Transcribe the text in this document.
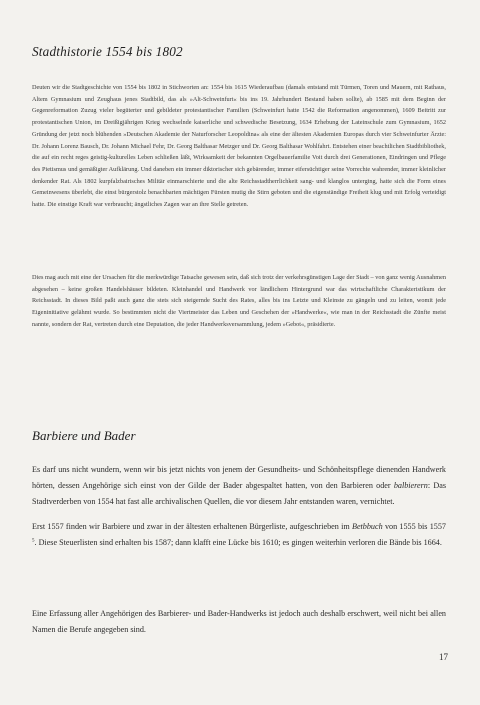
Stadthistorie 1554 bis 1802
Deuten wir die Stadtgeschichte von 1554 bis 1802 in Stichworten an: 1554 bis 1615 Wiederaufbau (damals entstand mit Türmen, Toren und Mauern, mit Rathaus, Altem Gymnasium und Zeughaus jenes Stadtbild, das als »Alt-Schweinfurt« bis ins 19. Jahrhundert Bestand haben sollte), ab 1585 mit dem Beginn der Gegenreformation Zuzug vieler begüterter und gebildeter protestantischer Familien (Schweinfurt hatte 1542 die Reformation angenommen), 1609 Beitritt zur protestantischen Union, im Dreißigjährigen Krieg wechselnde kaiserliche und schwedische Besetzung, 1634 Erhebung der Lateinschule zum Gymnasium, 1652 Gründung der jetzt noch blühenden »Deutschen Akademie der Naturforscher Leopoldina« als eine der ältesten Akademien Europas durch vier Schweinfurter Ärzte: Dr. Johann Lorenz Bausch, Dr. Johann Michael Fehr, Dr. Georg Balthasar Metzger und Dr. Georg Balthasar Wohlfahrt. Entstehen einer beachtlichen Stadtbibliothek, die auf ein recht reges geistig-kulturelles Leben schließen läßt, Wirksamkeit der bekannten Orgelbauerfamilie Voit durch drei Generationen, Eindringen und Pflege des Pietismus und gemäßigter Aufklärung. Und daneben ein immer diktorischer sich gebärender, immer eifersüchtiger seine Vorrechte wahrender, immer kleinlicher denkender Rat. Als 1802 kurpfalzbairisches Militär einmarschierte und die alte Reichsstadtherrlichkeit sang- und klanglos unterging, hatte sich die Form eines Gemeinwesens überlebt, die einst bürgerstolz benachbarten mächtigen Fürsten mutig die Stirn geboten und die eigenständige Freiheit klug und mit Erfolg verteidigt hatte. Die einstige Kraft war verbraucht; ängstliches Zagen war an ihre Stelle getreten.
Dies mag auch mit eine der Ursachen für die merkwürdige Tatsache gewesen sein, daß sich trotz der verkehrsgünstigen Lage der Stadt – von ganz wenig Ausnahmen abgesehen – keine großen Handelshäuser bildeten. Kleinhandel und Handwerk vor ländlichem Hintergrund war das wirtschaftliche Charakteristikum der Reichsstadt. In dieses Bild paßt auch ganz die stets sich steigernde Sucht des Rates, alles bis ins Letzte und Kleinste zu gängeln und zu leiten, womit jede Eigeninitiative gelähmt wurde. So bestimmten nicht die Viertmeister das Leben und Geschehen der »Handwerke«, wie man in der Reichsstadt die Zünfte meist nannte, sondern der Rat, vertreten durch eine Deputation, die jeder Handwerksversammlung, jedem »Gebot«, präsidierte.
Barbiere und Bader
Es darf uns nicht wundern, wenn wir bis jetzt nichts von jenem der Gesundheits- und Schönheitspflege dienenden Handwerk hörten, dessen Angehörige sich einst von der Gilde der Bader abgespaltet hatten, von den Barbieren oder balbierern: Das Stadtverderben von 1554 hat fast alle archivalischen Quellen, die vor diesem Jahr entstanden waren, vernichtet.
Erst 1557 finden wir Barbiere und zwar in der ältesten erhaltenen Bürgerliste, aufgeschrieben im Betbbuch von 1555 bis 1557 $^5$. Diese Steuerlisten sind erhalten bis 1587; dann klafft eine Lücke bis 1610; es gingen weiterhin verloren die Bände bis 1664.
Eine Erfassung aller Angehörigen des Barbierer- und Bader-Handwerks ist jedoch auch deshalb erschwert, weil nicht bei allen Namen die Berufe angegeben sind.
17
